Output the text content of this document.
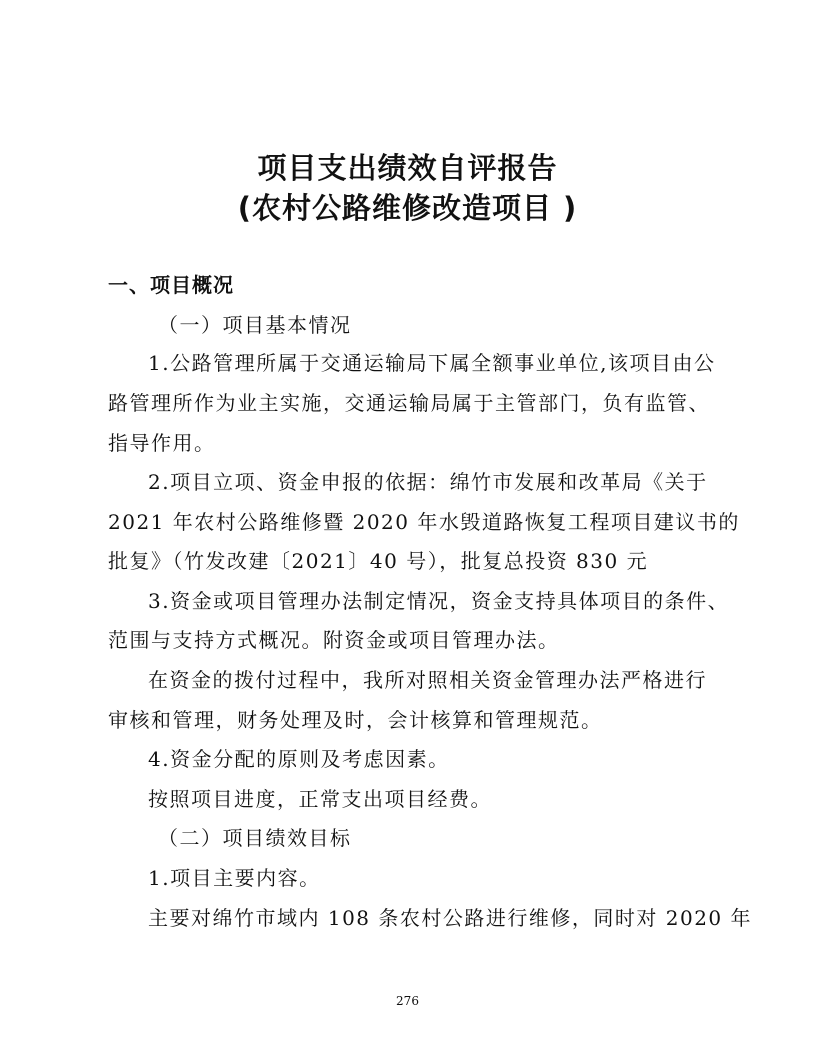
项目支出绩效自评报告
(农村公路维修改造项目 )
一、项目概况
（一）项目基本情况
1.公路管理所属于交通运输局下属全额事业单位,该项目由公
路管理所作为业主实施，交通运输局属于主管部门，负有监管、
指导作用。
2.项目立项、资金申报的依据：绵竹市发展和改革局《关于
2021 年农村公路维修暨 2020 年水毁道路恢复工程项目建议书的
批复》（竹发改建〔2021〕40 号），批复总投资 830 元
3.资金或项目管理办法制定情况，资金支持具体项目的条件、
范围与支持方式概况。附资金或项目管理办法。
在资金的拨付过程中，我所对照相关资金管理办法严格进行
审核和管理，财务处理及时，会计核算和管理规范。
4.资金分配的原则及考虑因素。
按照项目进度，正常支出项目经费。
（二）项目绩效目标
1.项目主要内容。
主要对绵竹市域内 108 条农村公路进行维修，同时对 2020 年
276
